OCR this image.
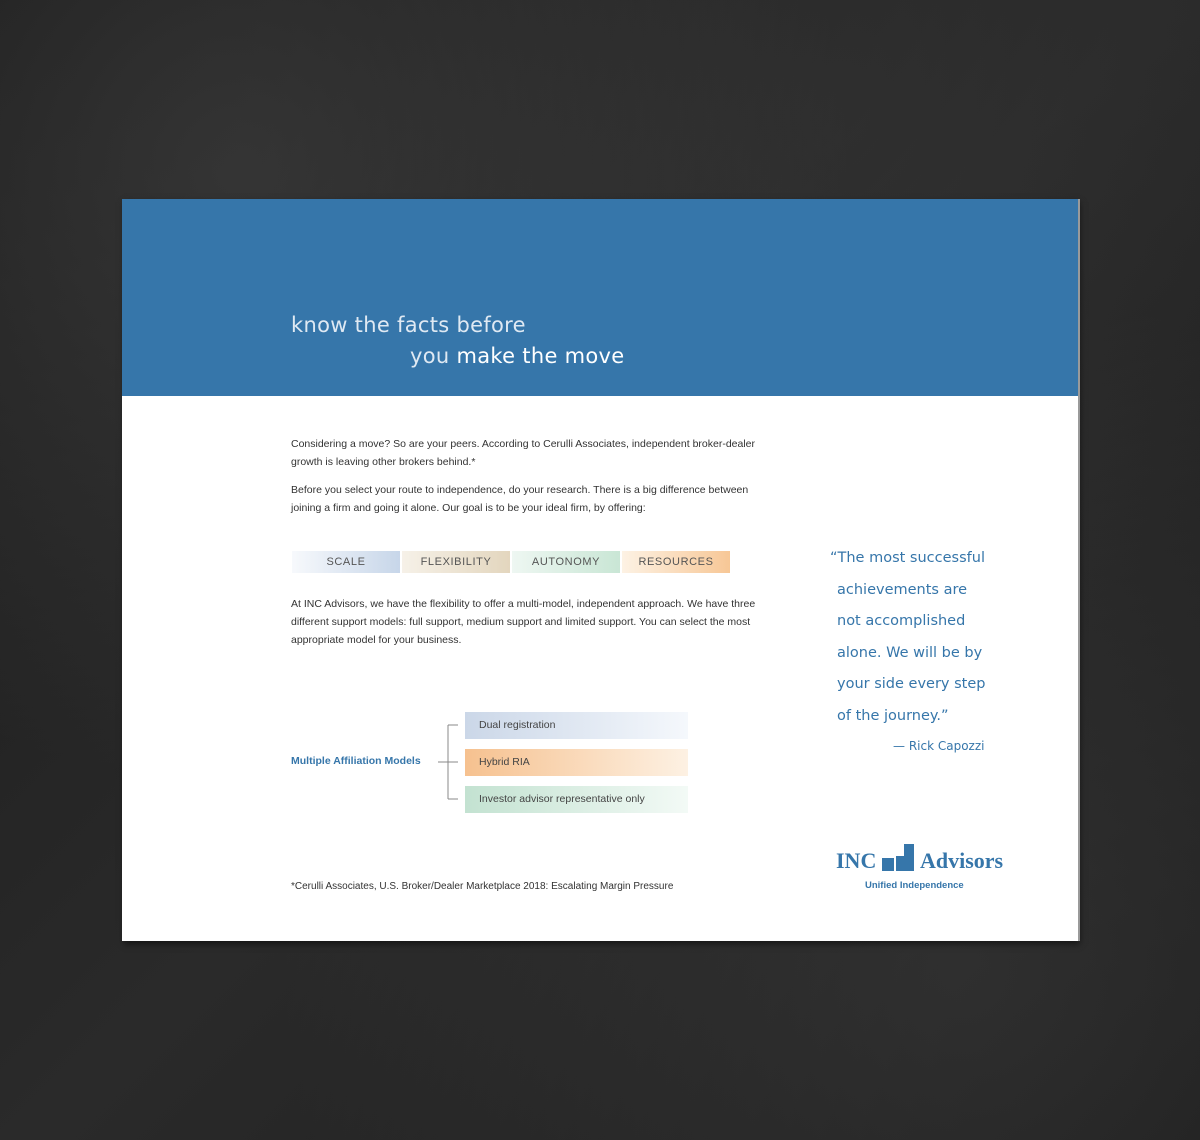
know the facts before
you make the move

Considering a move? So are your peers. According to Cerulli Associates, independent broker-dealer growth is leaving other brokers behind.*

Before you select your route to independence, do your research. There is a big difference between joining a firm and going it alone. Our goal is to be your ideal firm, by offering:

SCALE	FLEXIBILITY	AUTONOMY	RESOURCES

At INC Advisors, we have the flexibility to offer a multi-model, independent approach. We have three different support models: full support, medium support and limited support. You can select the most appropriate model for your business.

Multiple Affiliation Models
Dual registration
Hybrid RIA
Investor advisor representative only

“The most successful
achievements are
not accomplished
alone. We will be by
your side every step
of the journey.”

— Rick Capozzi
*Cerulli Associates, U.S. Broker/Dealer Marketplace 2018: Escalating Margin Pressure
INC Advisors
Unified Independence
